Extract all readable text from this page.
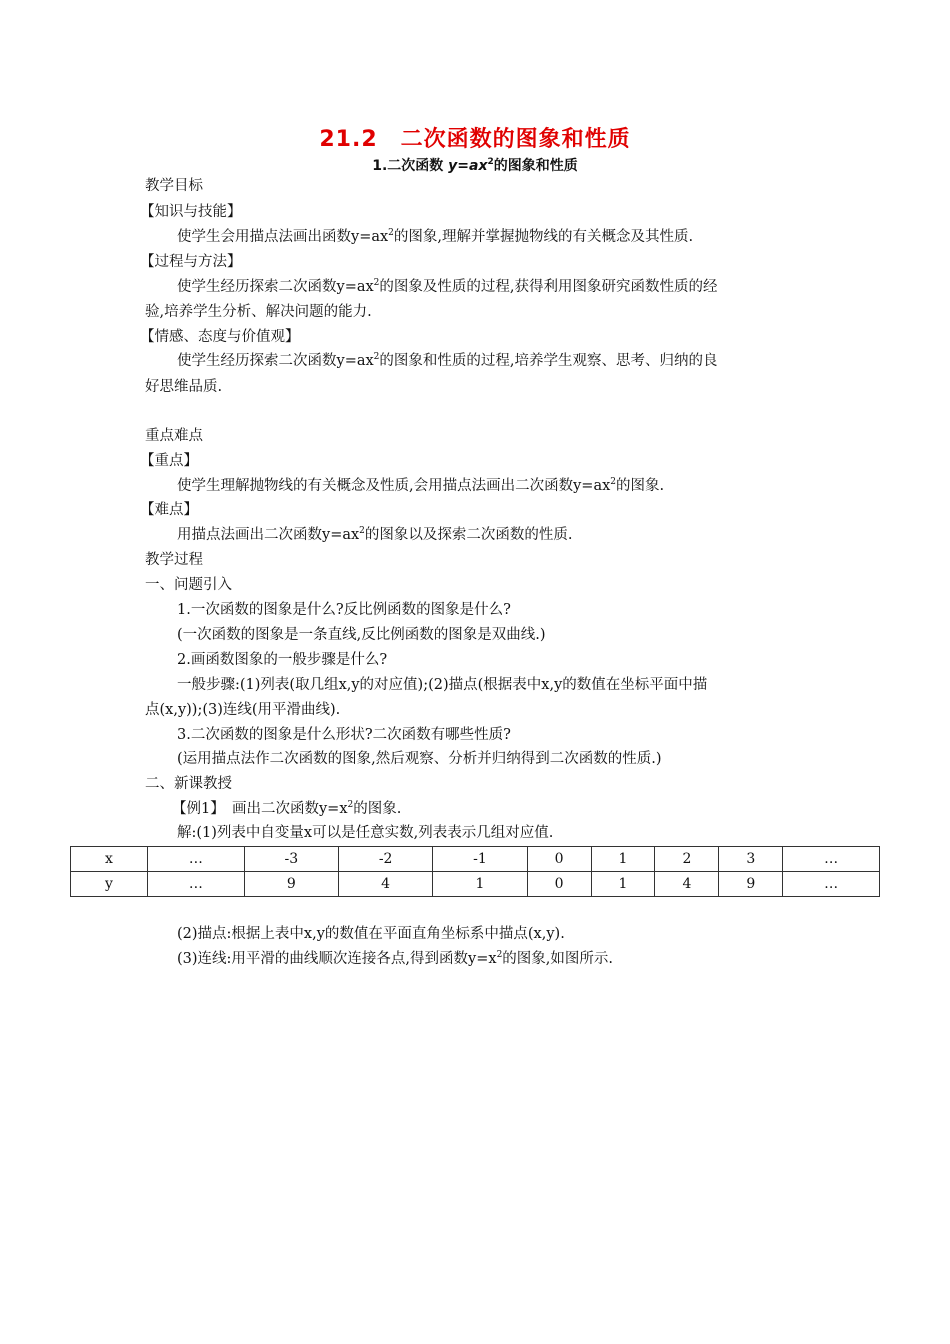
21.2　二次函数的图象和性质
1.二次函数 $y=ax^2$的图象和性质
教学目标
【知识与技能】
使学生会用描点法画出函数$y=ax^2$的图象,理解并掌握抛物线的有关概念及其性质.
【过程与方法】
使学生经历探索二次函数$y=ax^2$的图象及性质的过程,获得利用图象研究函数性质的经
验,培养学生分析、解决问题的能力.
【情感、态度与价值观】
使学生经历探索二次函数$y=ax^2$的图象和性质的过程,培养学生观察、思考、归纳的良
好思维品质.
重点难点
【重点】
使学生理解抛物线的有关概念及性质,会用描点法画出二次函数$y=ax^2$的图象.
【难点】
用描点法画出二次函数$y=ax^2$的图象以及探索二次函数的性质.
教学过程
一、问题引入
1.一次函数的图象是什么?反比例函数的图象是什么?
(一次函数的图象是一条直线,反比例函数的图象是双曲线.)
2.画函数图象的一般步骤是什么?
一般步骤:(1)列表(取几组x,y的对应值);(2)描点(根据表中x,y的数值在坐标平面中描
点(x,y));(3)连线(用平滑曲线).
3.二次函数的图象是什么形状?二次函数有哪些性质?
(运用描点法作二次函数的图象,然后观察、分析并归纳得到二次函数的性质.)
二、新课教授
【例1】　画出二次函数$y=x^2$的图象.
解:(1)列表中自变量x可以是任意实数,列表表示几组对应值.
x	…	-3	-2	-1	0	1	2	3	…
y	…	9	4	1	0	1	4	9	…
(2)描点:根据上表中x,y的数值在平面直角坐标系中描点(x,y).
(3)连线:用平滑的曲线顺次连接各点,得到函数$y=x^2$的图象,如图所示.
